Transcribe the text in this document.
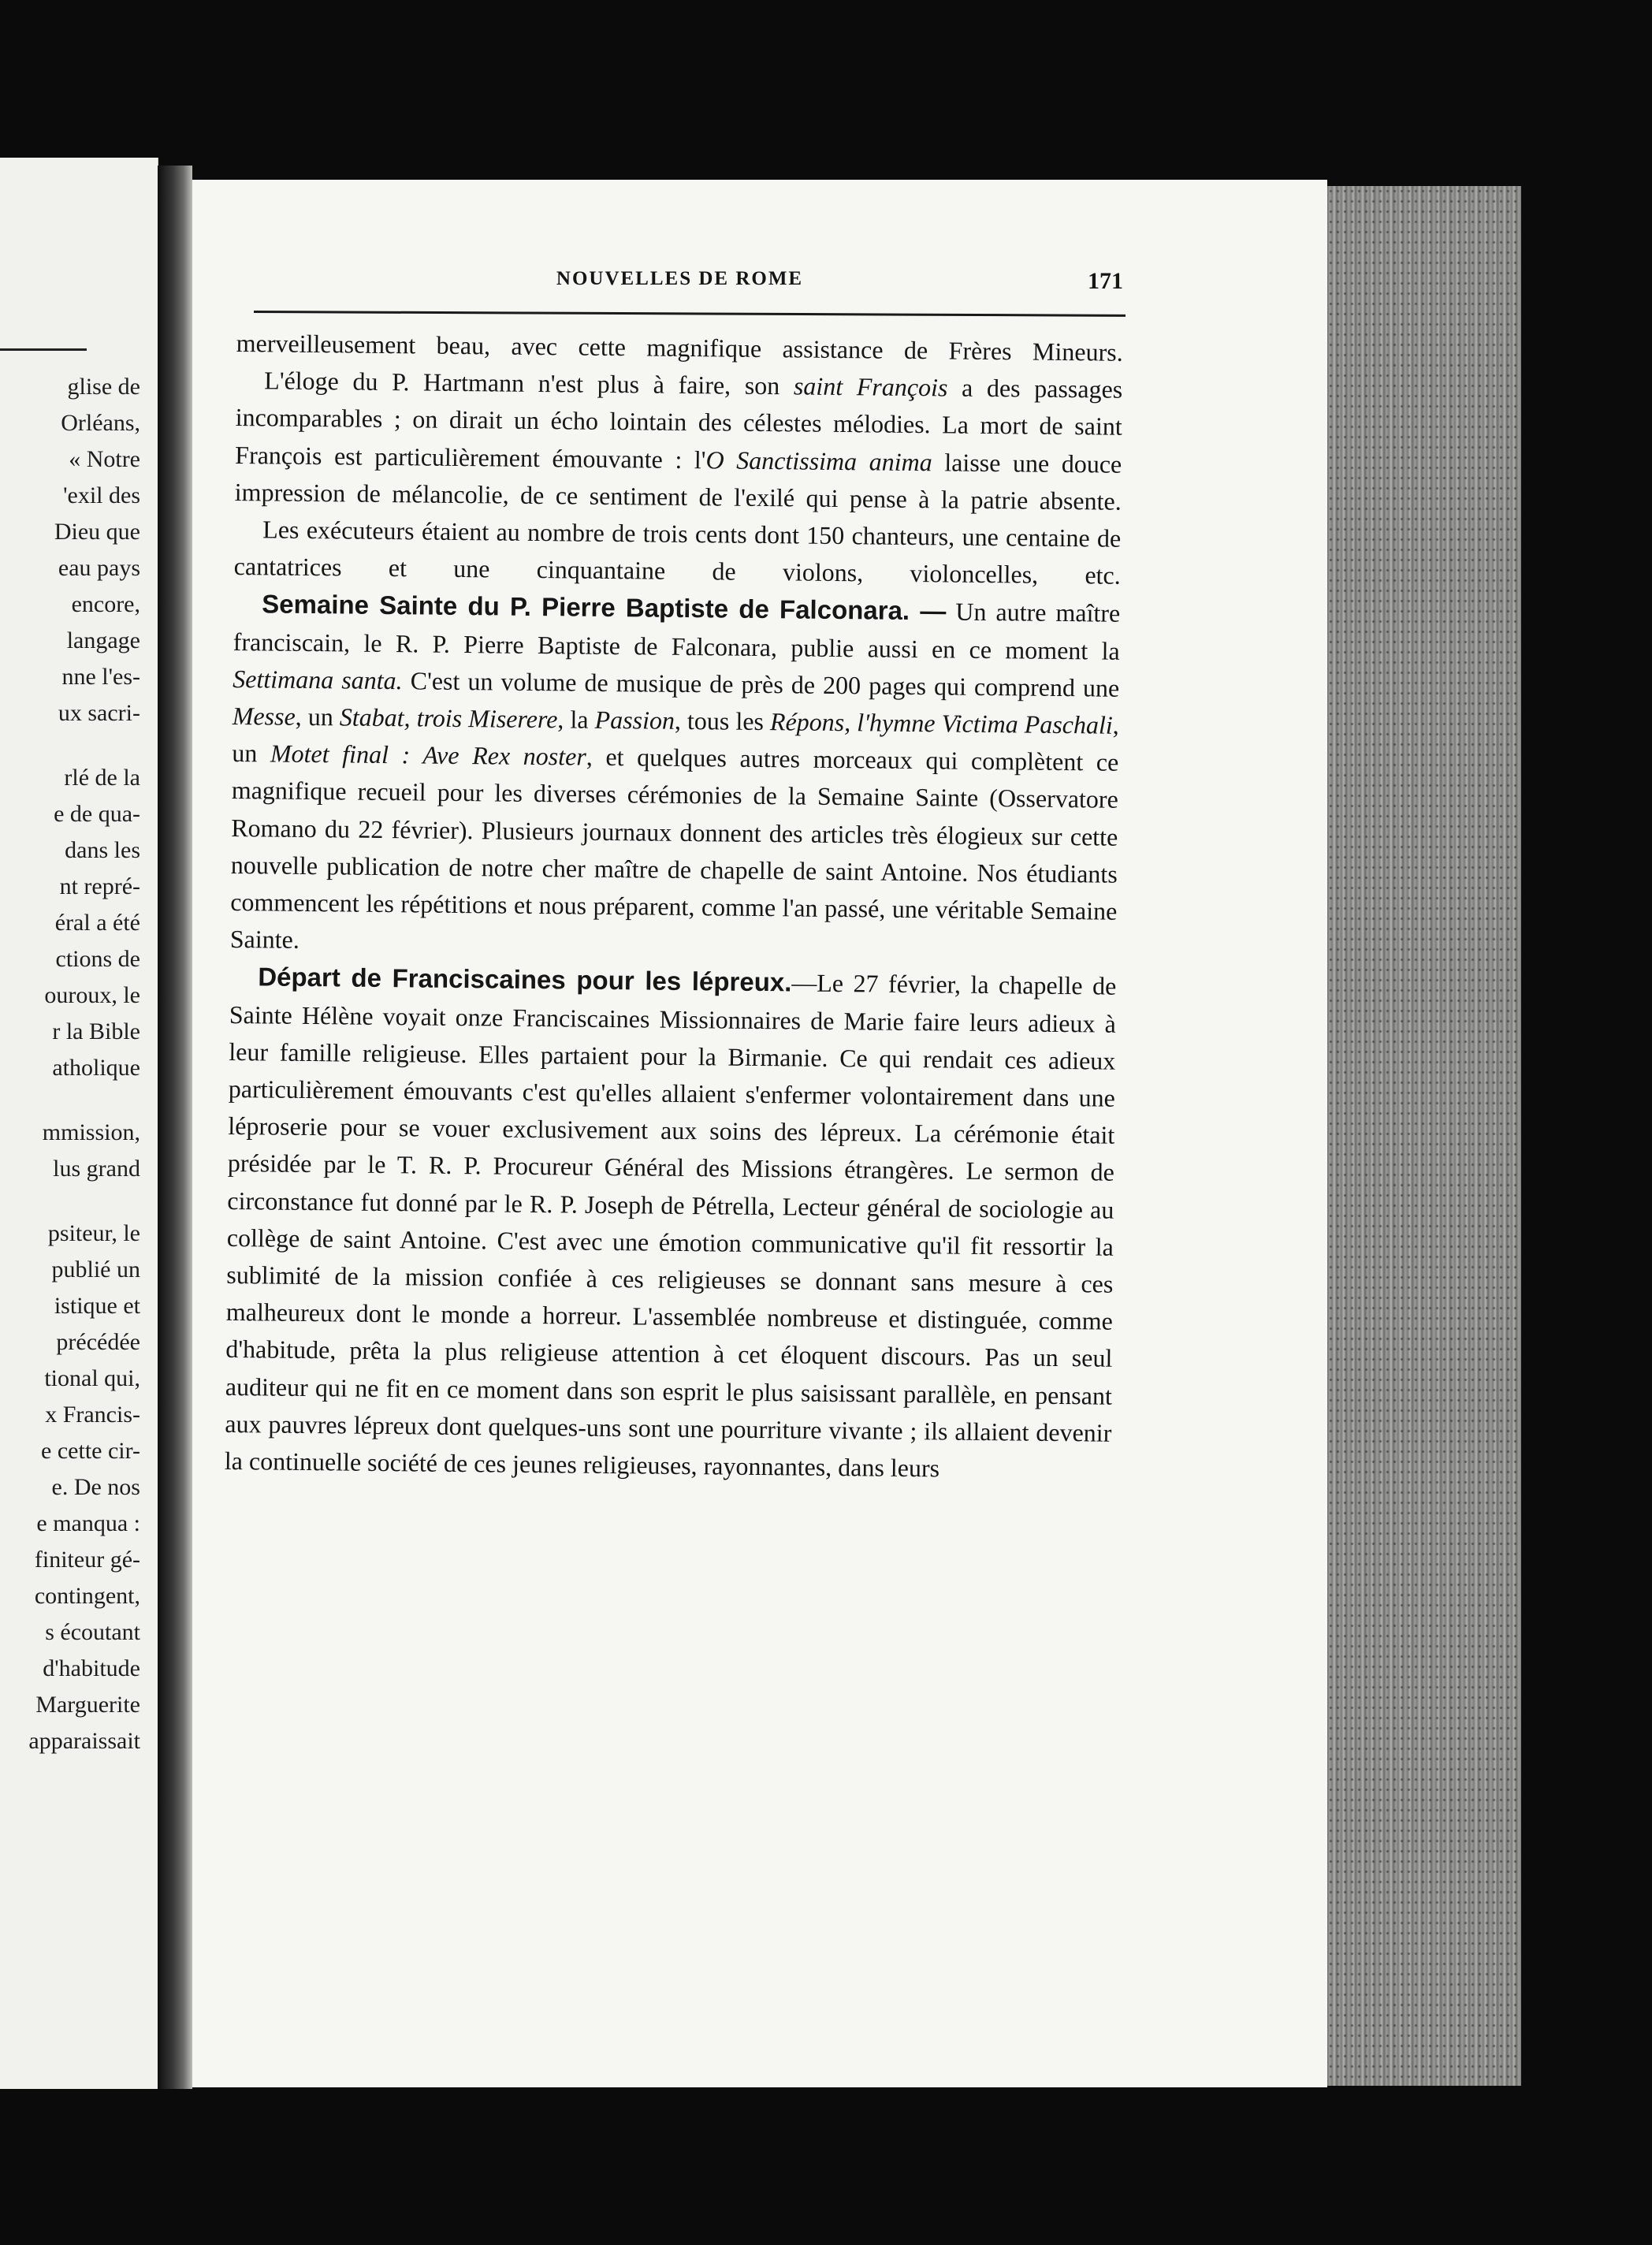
glise de
Orléans,
« Notre
'exil des
Dieu que
eau pays
encore,
langage
nne l'es-
ux sacri-
rlé de la
e de qua-
dans les
nt repré-
éral a été
ctions de
ouroux, le
r la Bible
atholique
mmission,
lus grand
psiteur, le
publié un
istique et
précédée
tional qui,
x Francis-
e cette cir-
e. De nos
e manqua :
finiteur gé-
contingent,
s écoutant
d'habitude
Marguerite
apparaissait
NOUVELLES DE ROME	171

merveilleusement beau, avec cette magnifique assistance de Frères Mineurs.

L'éloge du P. Hartmann n'est plus à faire, son saint François a des passages incomparables ; on dirait un écho lointain des célestes mélodies. La mort de saint François est particulièrement émouvante : l'O Sanctissima anima laisse une douce impression de mélancolie, de ce sentiment de l'exilé qui pense à la patrie absente.

Les exécuteurs étaient au nombre de trois cents dont 150 chanteurs, une centaine de cantatrices et une cinquantaine de violons, violoncelles, etc.

Semaine Sainte du P. Pierre Baptiste de Falconara. — Un autre maître franciscain, le R. P. Pierre Baptiste de Falconara, publie aussi en ce moment la Settimana santa. C'est un volume de musique de près de 200 pages qui comprend une Messe, un Stabat, trois Miserere, la Passion, tous les Répons, l'hymne Victima Paschali, un Motet final : Ave Rex noster, et quelques autres morceaux qui complètent ce magnifique recueil pour les diverses cérémonies de la Semaine Sainte (Osservatore Romano du 22 février). Plusieurs journaux donnent des articles très élogieux sur cette nouvelle publication de notre cher maître de chapelle de saint Antoine. Nos étudiants commencent les répétitions et nous préparent, comme l'an passé, une véritable Semaine Sainte.

Départ de Franciscaines pour les lépreux.—Le 27 février, la chapelle de Sainte Hélène voyait onze Franciscaines Missionnaires de Marie faire leurs adieux à leur famille religieuse. Elles partaient pour la Birmanie. Ce qui rendait ces adieux particulièrement émouvants c'est qu'elles allaient s'enfermer volontairement dans une léproserie pour se vouer exclusivement aux soins des lépreux. La cérémonie était présidée par le T. R. P. Procureur Général des Missions étrangères. Le sermon de circonstance fut donné par le R. P. Joseph de Pétrella, Lecteur général de sociologie au collège de saint Antoine. C'est avec une émotion communicative qu'il fit ressortir la sublimité de la mission confiée à ces religieuses se donnant sans mesure à ces malheureux dont le monde a horreur. L'assemblée nombreuse et distinguée, comme d'habitude, prêta la plus religieuse attention à cet éloquent discours. Pas un seul auditeur qui ne fit en ce moment dans son esprit le plus saisissant parallèle, en pensant aux pauvres lépreux dont quelques-uns sont une pourriture vivante ; ils allaient devenir la continuelle société de ces jeunes religieuses, rayonnantes, dans leurs
